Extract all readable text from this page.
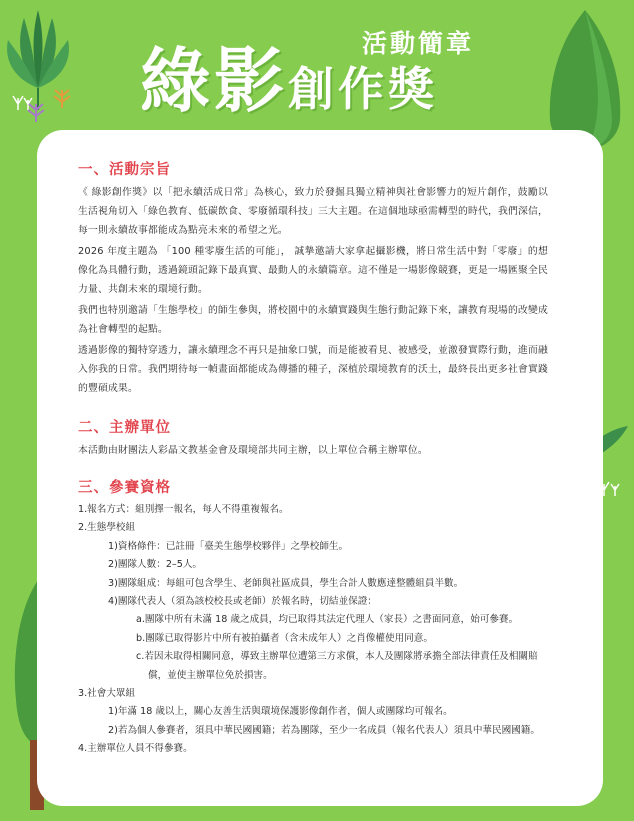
活動簡章
綠影創作獎
一、活動宗旨

《 綠影創作獎》以「把永續活成日常」為核心，致力於發掘具獨立精神與社會影響力的短片創作，鼓勵以生活視角切入「綠色教育、低碳飲食、零廢循環科技」三大主題。在這個地球亟需轉型的時代，我們深信，每一則永續故事都能成為點亮未來的希望之光。

2026 年度主題為 「100 種零廢生活的可能」， 誠摯邀請大家拿起攝影機，將日常生活中對「零廢」的想像化為具體行動，透過鏡頭記錄下最真實、最動人的永續篇章。這不僅是一場影像競賽，更是一場匯聚全民力量、共創未來的環境行動。

我們也特別邀請「生態學校」的師生參與，將校園中的永續實踐與生態行動記錄下來，讓教育現場的改變成為社會轉型的起點。

透過影像的獨特穿透力，讓永續理念不再只是抽象口號，而是能被看見、被感受，並激發實際行動，進而融入你我的日常。我們期待每一幀畫面都能成為傳播的種子，深植於環境教育的沃土，最終長出更多社會實踐的豐碩成果。

二、主辦單位

本活動由財團法人彩晶文教基金會及環境部共同主辦，以上單位合稱主辦單位。

三、參賽資格
1.報名方式：組別擇一報名，每人不得重複報名。
2.生態學校組
1)資格條件：已註冊「臺美生態學校夥伴」之學校師生。
2)團隊人數：2–5人。
3)團隊組成：每組可包含學生、老師與社區成員，學生合計人數應達整體組員半數。
4)團隊代表人（須為該校校長或老師）於報名時，切結並保證：
a.團隊中所有未滿 18 歲之成員，均已取得其法定代理人（家長）之書面同意，始可參賽。
b.團隊已取得影片中所有被拍攝者（含未成年人）之肖像權使用同意。
c.若因未取得相關同意，導致主辦單位遭第三方求償，本人及團隊將承擔全部法律責任及相關賠
償，並使主辦單位免於損害。
3.社會大眾組
1)年滿 18 歲以上，關心友善生活與環境保護影像創作者，個人或團隊均可報名。
2)若為個人參賽者，須具中華民國國籍；若為團隊，至少一名成員（報名代表人）須具中華民國國籍。
4.主辦單位人員不得參賽。
